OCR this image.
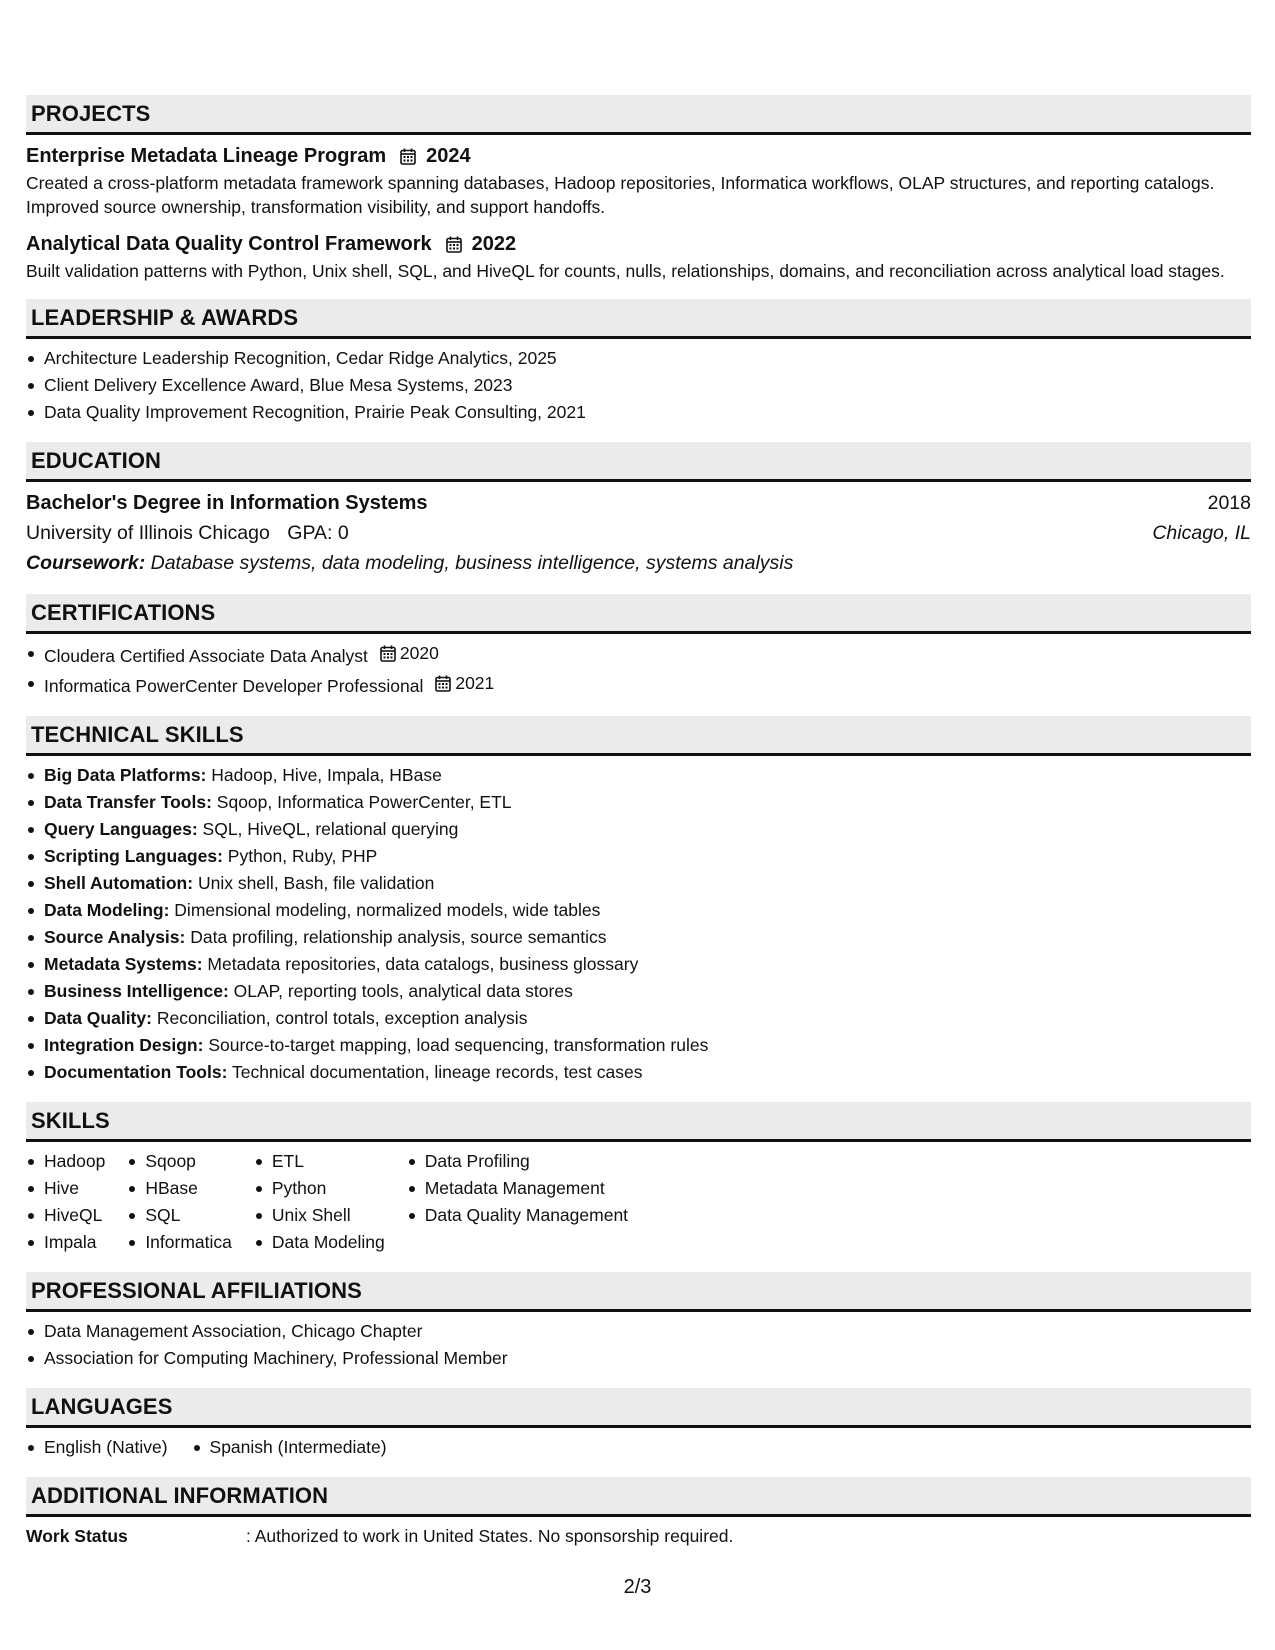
PROJECTS
Enterprise Metadata Lineage Program 2024
Created a cross-platform metadata framework spanning databases, Hadoop repositories, Informatica workflows, OLAP structures, and reporting catalogs. Improved source ownership, transformation visibility, and support handoffs.
Analytical Data Quality Control Framework 2022
Built validation patterns with Python, Unix shell, SQL, and HiveQL for counts, nulls, relationships, domains, and reconciliation across analytical load stages.
LEADERSHIP & AWARDS
Architecture Leadership Recognition, Cedar Ridge Analytics, 2025
Client Delivery Excellence Award, Blue Mesa Systems, 2023
Data Quality Improvement Recognition, Prairie Peak Consulting, 2021
EDUCATION
Bachelor's Degree in Information Systems	2018
University of Illinois Chicago GPA: 0	Chicago, IL
Coursework: Database systems, data modeling, business intelligence, systems analysis
CERTIFICATIONS
Cloudera Certified Associate Data Analyst 2020
Informatica PowerCenter Developer Professional 2021
TECHNICAL SKILLS
Big Data Platforms: Hadoop, Hive, Impala, HBase
Data Transfer Tools: Sqoop, Informatica PowerCenter, ETL
Query Languages: SQL, HiveQL, relational querying
Scripting Languages: Python, Ruby, PHP
Shell Automation: Unix shell, Bash, file validation
Data Modeling: Dimensional modeling, normalized models, wide tables
Source Analysis: Data profiling, relationship analysis, source semantics
Metadata Systems: Metadata repositories, data catalogs, business glossary
Business Intelligence: OLAP, reporting tools, analytical data stores
Data Quality: Reconciliation, control totals, exception analysis
Integration Design: Source-to-target mapping, load sequencing, transformation rules
Documentation Tools: Technical documentation, lineage records, test cases
SKILLS
Hadoop
Hive
HiveQL
Impala
Sqoop
HBase
SQL
Informatica
ETL
Python
Unix Shell
Data Modeling
Data Profiling
Metadata Management
Data Quality Management
PROFESSIONAL AFFILIATIONS
Data Management Association, Chicago Chapter
Association for Computing Machinery, Professional Member
LANGUAGES
English (Native)	Spanish (Intermediate)
ADDITIONAL INFORMATION
Work Status	: Authorized to work in United States. No sponsorship required.
2/3
